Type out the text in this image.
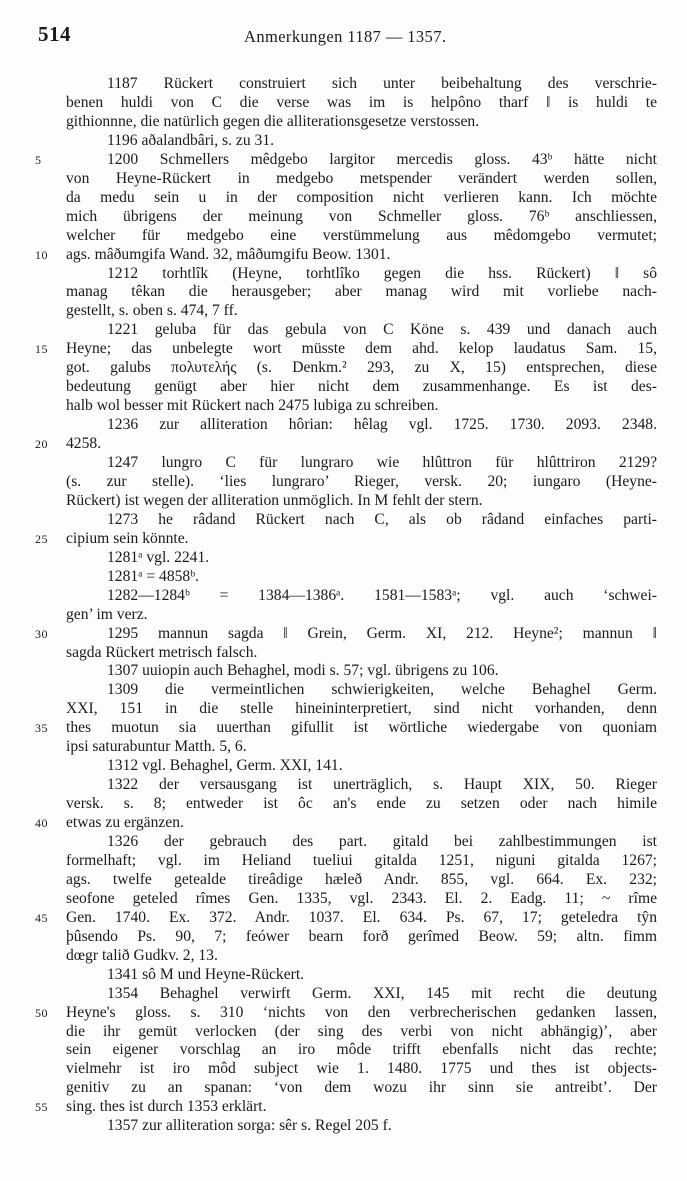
514	Anmerkungen 1187 — 1357.
1187 Rückert construiert sich unter beibehaltung des verschrie-
benen huldi von C die verse was im is helpôno tharf ‖ is huldi te
githionnne, die natürlich gegen die alliterationsgesetze verstossen.
1196 aðalandbâri, s. zu 31.
5	1200 Schmellers mêdgebo largitor mercedis gloss. 43ᵇ hätte nicht
von Heyne-Rückert in medgebo metspender verändert werden sollen,
da medu sein u in der composition nicht verlieren kann. Ich möchte
mich übrigens der meinung von Schmeller gloss. 76ᵇ anschliessen,
welcher für medgebo eine verstümmelung aus mêdomgebo vermutet;
10	ags. mâðumgifa Wand. 32, mâðumgifu Beow. 1301.
1212 torhtlîk (Heyne, torhtlîko gegen die hss. Rückert) ‖ sô
manag têkan die herausgeber; aber manag wird mit vorliebe nach-
gestellt, s. oben s. 474, 7 ff.
1221 geluba für das gebula von C Köne s. 439 und danach auch
15	Heyne; das unbelegte wort müsste dem ahd. kelop laudatus Sam. 15,
got. galubs πολυτελής (s. Denkm.² 293, zu X, 15) entsprechen, diese
bedeutung genügt aber hier nicht dem zusammenhange. Es ist des-
halb wol besser mit Rückert nach 2475 lubiga zu schreiben.
1236 zur alliteration hôrian: hêlag vgl. 1725. 1730. 2093. 2348.
20	4258.
1247 lungro C für lungraro wie hlûttron für hlûttriron 2129?
(s. zur stelle). ‘lies lungraro’ Rieger, versk. 20; iungaro (Heyne-
Rückert) ist wegen der alliteration unmöglich. In M fehlt der stern.
1273 he râdand Rückert nach C, als ob râdand einfaches parti-
25	cipium sein könnte.
1281ᵃ vgl. 2241.
1281ᵃ = 4858ᵇ.
1282—1284ᵇ = 1384—1386ᵃ. 1581—1583ᵃ; vgl. auch ‘schwei-
gen’ im verz.
30	1295 mannun sagda ‖ Grein, Germ. XI, 212. Heyne²; mannun ‖
sagda Rückert metrisch falsch.
1307 uuiopin auch Behaghel, modi s. 57; vgl. übrigens zu 106.
1309 die vermeintlichen schwierigkeiten, welche Behaghel Germ.
XXI, 151 in die stelle hineininterpretiert, sind nicht vorhanden, denn
35	thes muotun sia uuerthan gifullit ist wörtliche wiedergabe von quoniam
ipsi saturabuntur Matth. 5, 6.
1312 vgl. Behaghel, Germ. XXI, 141.
1322 der versausgang ist unerträglich, s. Haupt XIX, 50. Rieger
versk. s. 8; entweder ist ôc an's ende zu setzen oder nach himile
40	etwas zu ergänzen.
1326 der gebrauch des part. gitald bei zahlbestimmungen ist
formelhaft; vgl. im Heliand tueliui gitalda 1251, niguni gitalda 1267;
ags. twelfe getealde tireâdige hæleð Andr. 855, vgl. 664. Ex. 232;
seofone geteled rîmes Gen. 1335, vgl. 2343. El. 2. Eadg. 11; ~ rîme
45	Gen. 1740. Ex. 372. Andr. 1037. El. 634. Ps. 67, 17; geteledra tŷn
þûsendo Ps. 90, 7; feówer bearn forð gerîmed Beow. 59; altn. fimm
dœgr talið Gudkv. 2, 13.
1341 sô M und Heyne-Rückert.
1354 Behaghel verwirft Germ. XXI, 145 mit recht die deutung
50	Heyne's gloss. s. 310 ‘nichts von den verbrecherischen gedanken lassen,
die ihr gemüt verlocken (der sing des verbi von nicht abhängig)’, aber
sein eigener vorschlag an iro môde trifft ebenfalls nicht das rechte;
vielmehr ist iro môd subject wie 1. 1480. 1775 und thes ist objects-
genitiv zu an spanan: ‘von dem wozu ihr sinn sie antreibt’. Der
55	sing. thes ist durch 1353 erklärt.
1357 zur alliteration sorga: sêr s. Regel 205 f.
